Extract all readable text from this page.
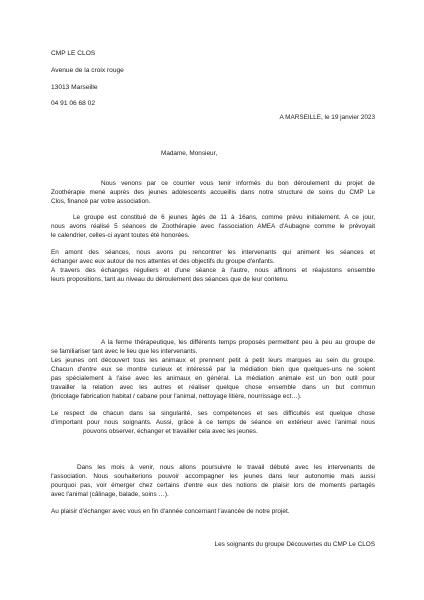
CMP LE CLOS
Avenue de la croix rouge
13013 Marseille
04 91 06 68 02
A MARSEILLE, le 19 janvier 2023
Madame, Monsieur,
Nous venons par ce courrier vous tenir informés du bon déroulement du projet de
Zoothérapie mené auprès des jeunes adolescents accueillis dans notre structure de soins du CMP Le
Clos, financé par votre association.
Le groupe est constitué de 6 jeunes âgés de 11 à 16ans, comme prévu initialement. A ce jour,
nous avons réalisé 5 séances de Zoothérapie avec l'association AMEA d'Aubagne comme le prévoyait
le calendrier, celles-ci ayant toutes été honorées.
En amont des séances, nous avons pu rencontrer les intervenants qui animent les séances et
échanger avec eux autour de nos attentes et des objectifs du groupe d'enfants.
A travers des échanges réguliers et d'une séance à l'autre, nous affinons et réajustons ensemble
leurs propositions, tant au niveau du déroulement des séances que de leur contenu.
A la ferme thérapeutique, les différents temps proposés permettent peu à peu au groupe de
se familiariser tant avec le lieu que les intervenants.
Les jeunes ont découvert tous les animaux et prennent petit à petit leurs marques au sein du groupe.
Chacun d'entre eux se montre curieux et intéressé par la médiation bien que quelques-uns ne soient
pas spécialement à l'aise avec les animaux en général. La médiation animale est un bon outil pour
travailler la relation avec les autres et réaliser quelque chose ensemble dans un but commun
(bricolage fabrication habitat / cabane pour l'animal, nettoyage litière, nourrissage ect…).
Le respect de chacun dans sa singularité, ses compétences et ses difficultés est quelque chose
d'important pour nous soignants. Aussi, grâce à ce temps de séance en extérieur avec l'animal nous
pouvons observer, échanger et travailler cela avec les jeunes.
Dans les mois à venir, nous allons poursuivre le travail débuté avec les intervenants de
l'association. Nous souhaiterions pouvoir accompagner les jeunes dans leur autonomie mais aussi
pourquoi pas, voir émerger chez certains d'entre eux des notions de plaisir lors de moments partagés
avec l'animal (câlinage, balade, soins …).
Au plaisir d'échanger avec vous en fin d'année concernant l'avancée de notre projet.
Les soignants du groupe Découvertes du CMP Le CLOS
